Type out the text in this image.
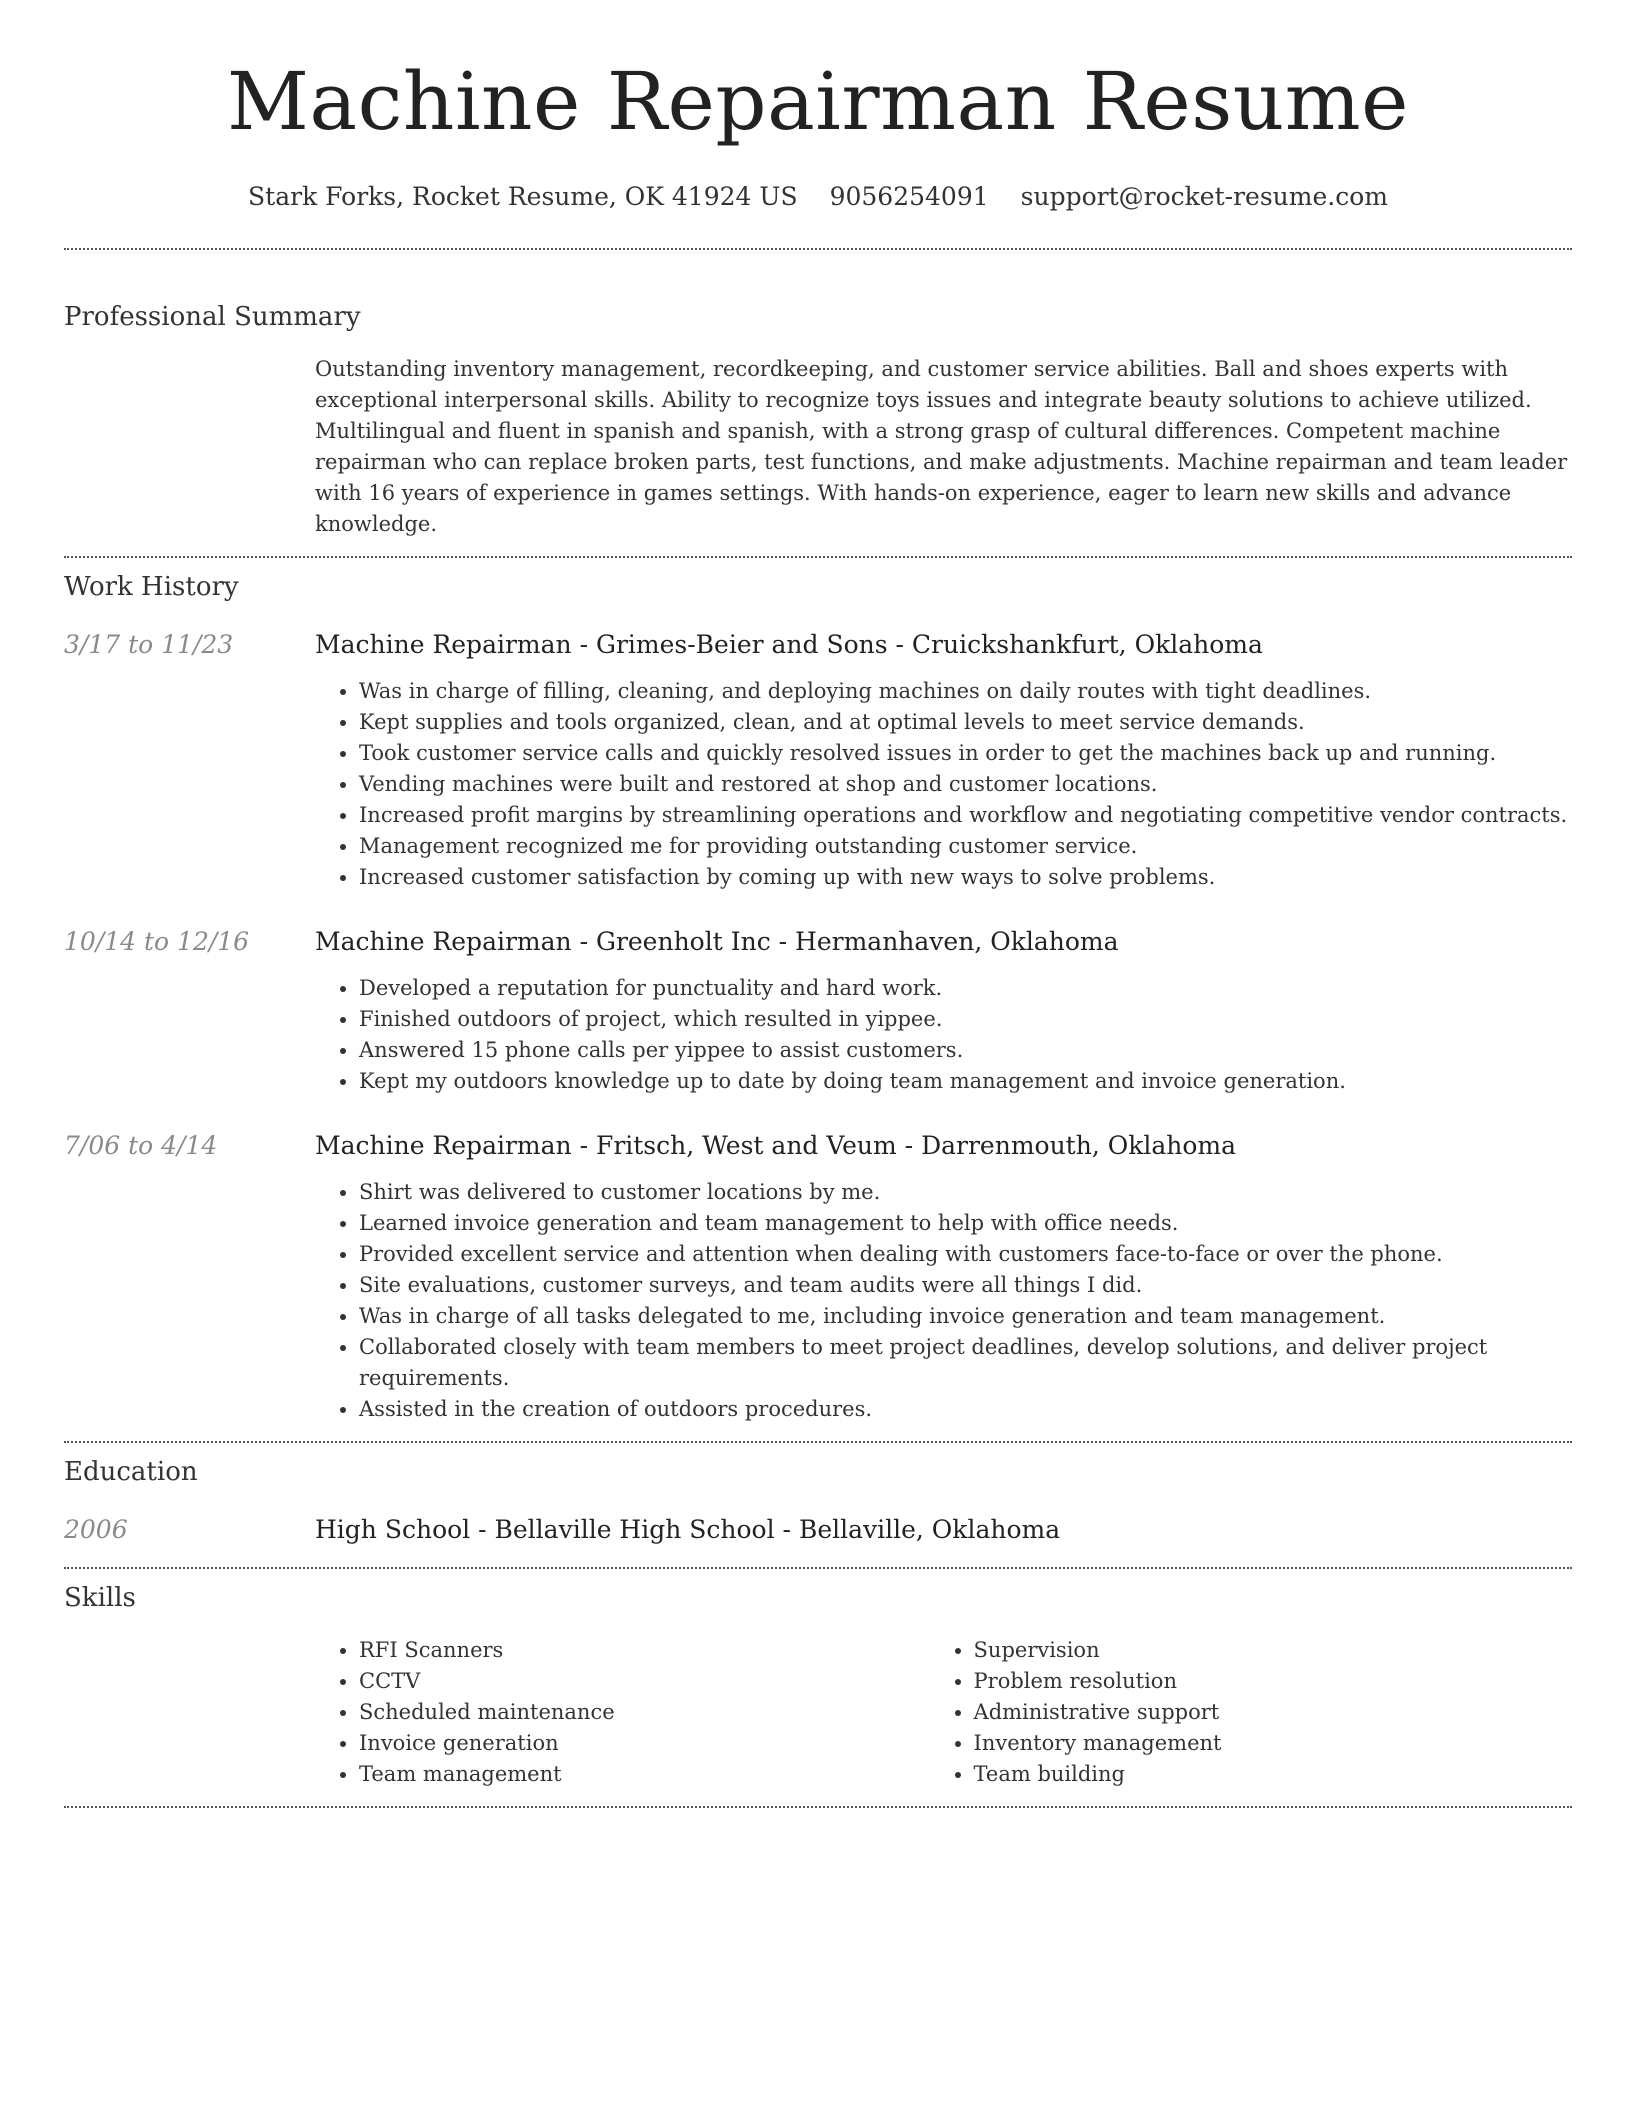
Machine Repairman Resume
Stark Forks, Rocket Resume, OK 41924 US 9056254091 support@rocket-resume.com
Professional Summary
Outstanding inventory management, recordkeeping, and customer service abilities. Ball and shoes experts with exceptional interpersonal skills. Ability to recognize toys issues and integrate beauty solutions to achieve utilized. Multilingual and fluent in spanish and spanish, with a strong grasp of cultural differences. Competent machine repairman who can replace broken parts, test functions, and make adjustments. Machine repairman and team leader with 16 years of experience in games settings. With hands-on experience, eager to learn new skills and advance knowledge.
Work History
3/17 to 11/23	Machine Repairman - Grimes-Beier and Sons - Cruickshankfurt, Oklahoma
• Was in charge of filling, cleaning, and deploying machines on daily routes with tight deadlines.
• Kept supplies and tools organized, clean, and at optimal levels to meet service demands.
• Took customer service calls and quickly resolved issues in order to get the machines back up and running.
• Vending machines were built and restored at shop and customer locations.
• Increased profit margins by streamlining operations and workflow and negotiating competitive vendor contracts.
• Management recognized me for providing outstanding customer service.
• Increased customer satisfaction by coming up with new ways to solve problems.
10/14 to 12/16	Machine Repairman - Greenholt Inc - Hermanhaven, Oklahoma
• Developed a reputation for punctuality and hard work.
• Finished outdoors of project, which resulted in yippee.
• Answered 15 phone calls per yippee to assist customers.
• Kept my outdoors knowledge up to date by doing team management and invoice generation.
7/06 to 4/14	Machine Repairman - Fritsch, West and Veum - Darrenmouth, Oklahoma
• Shirt was delivered to customer locations by me.
• Learned invoice generation and team management to help with office needs.
• Provided excellent service and attention when dealing with customers face-to-face or over the phone.
• Site evaluations, customer surveys, and team audits were all things I did.
• Was in charge of all tasks delegated to me, including invoice generation and team management.
• Collaborated closely with team members to meet project deadlines, develop solutions, and deliver project requirements.
• Assisted in the creation of outdoors procedures.
Education
2006	High School - Bellaville High School - Bellaville, Oklahoma
Skills
• RFI Scanners
• CCTV
• Scheduled maintenance
• Invoice generation
• Team management
• Supervision
• Problem resolution
• Administrative support
• Inventory management
• Team building
